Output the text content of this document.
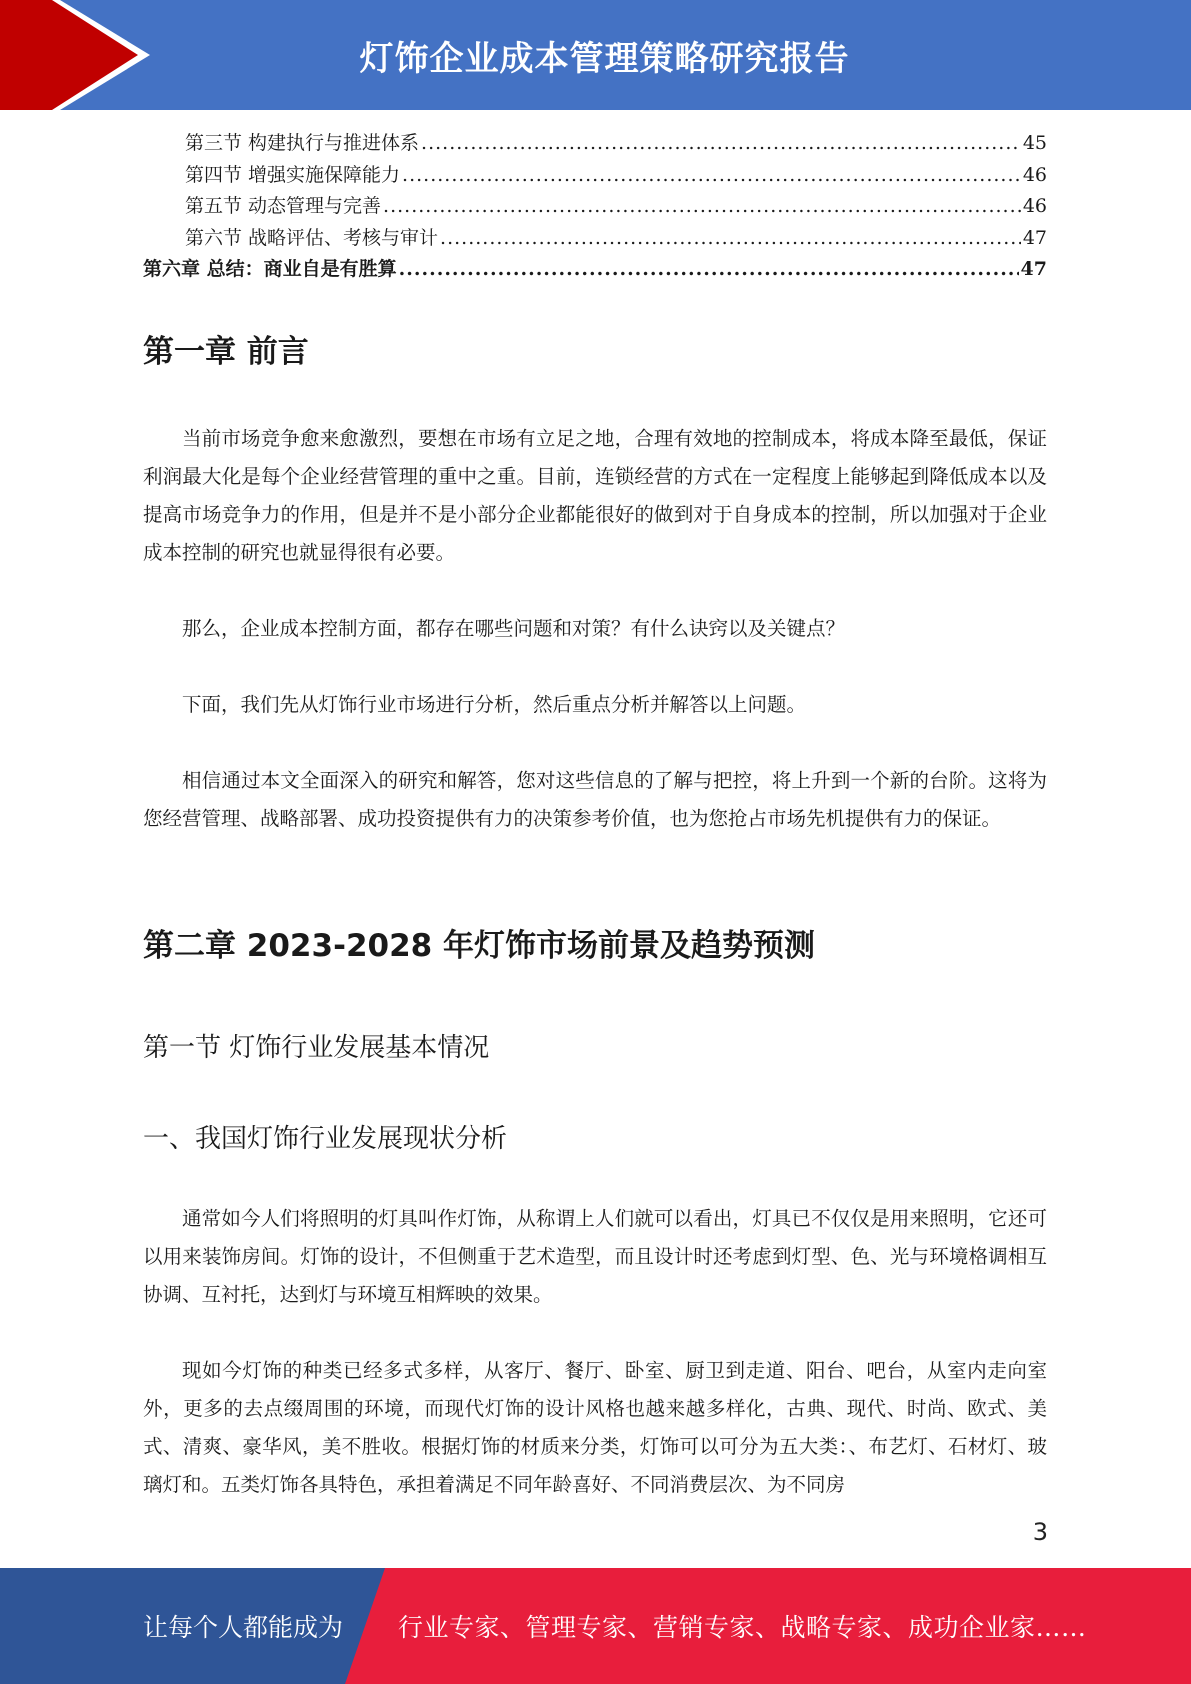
灯饰企业成本管理策略研究报告
第三节 构建执行与推进体系 .....	45
第四节 增强实施保障能力 .....	46
第五节 动态管理与完善 .....	46
第六节 战略评估、考核与审计 .....	47
第六章 总结：商业自是有胜算 .....	47
第一章 前言

当前市场竞争愈来愈激烈，要想在市场有立足之地，合理有效地的控制成本，将成本降至最低，保证利润最大化是每个企业经营管理的重中之重。目前，连锁经营的方式在一定程度上能够起到降低成本以及提高市场竞争力的作用，但是并不是小部分企业都能很好的做到对于自身成本的控制，所以加强对于企业成本控制的研究也就显得很有必要。

那么，企业成本控制方面，都存在哪些问题和对策？有什么诀窍以及关键点？

下面，我们先从灯饰行业市场进行分析，然后重点分析并解答以上问题。

相信通过本文全面深入的研究和解答，您对这些信息的了解与把控，将上升到一个新的台阶。这将为您经营管理、战略部署、成功投资提供有力的决策参考价值，也为您抢占市场先机提供有力的保证。

第二章 2023-2028 年灯饰市场前景及趋势预测
第一节 灯饰行业发展基本情况
一、我国灯饰行业发展现状分析

通常如今人们将照明的灯具叫作灯饰，从称谓上人们就可以看出，灯具已不仅仅是用来照明，它还可以用来装饰房间。灯饰的设计，不但侧重于艺术造型，而且设计时还考虑到灯型、色、光与环境格调相互协调、互衬托，达到灯与环境互相辉映的效果。

现如今灯饰的种类已经多式多样，从客厅、餐厅、卧室、厨卫到走道、阳台、吧台，从室内走向室外，更多的去点缀周围的环境，而现代灯饰的设计风格也越来越多样化，古典、现代、时尚、欧式、美式、清爽、豪华风，美不胜收。根据灯饰的材质来分类，灯饰可以可分为五大类：、布艺灯、石材灯、玻璃灯和。五类灯饰各具特色，承担着满足不同年龄喜好、不同消费层次、为不同房

3
让每个人都能成为 行业专家、管理专家、营销专家、战略专家、成功企业家……
